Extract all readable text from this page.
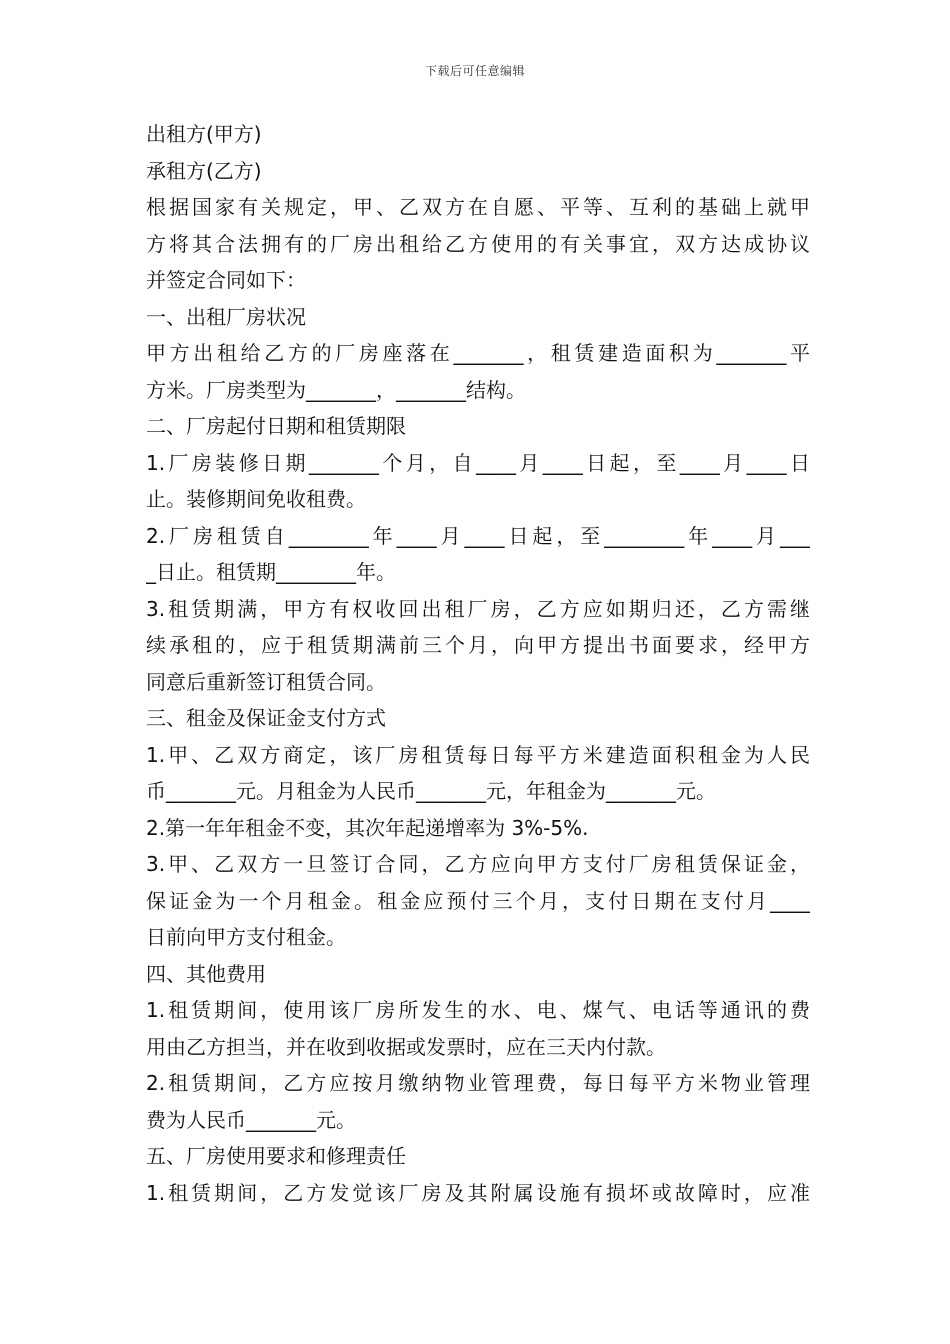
下载后可任意编辑
出租方(甲方)
承租方(乙方)
根据国家有关规定，甲、乙双方在自愿、平等、互利的基础上就甲
方将其合法拥有的厂房出租给乙方使用的有关事宜，双方达成协议
并签定合同如下：
一、出租厂房状况
甲方出租给乙方的厂房座落在_______，租赁建造面积为_______平
方米。厂房类型为_______，_______结构。
二、厂房起付日期和租赁期限
1.厂房装修日期_______个月，自____月____日起，至____月____日
止。装修期间免收租费。
2.厂房租赁自________年____月____日起，至________年____月___
_日止。租赁期________年。
3.租赁期满，甲方有权收回出租厂房，乙方应如期归还，乙方需继
续承租的，应于租赁期满前三个月，向甲方提出书面要求，经甲方
同意后重新签订租赁合同。
三、租金及保证金支付方式
1.甲、乙双方商定，该厂房租赁每日每平方米建造面积租金为人民
币_______元。月租金为人民币_______元，年租金为_______元。
2.第一年年租金不变，其次年起递增率为 3%-5%.
3.甲、乙双方一旦签订合同，乙方应向甲方支付厂房租赁保证金，
保证金为一个月租金。租金应预付三个月，支付日期在支付月____
日前向甲方支付租金。
四、其他费用
1.租赁期间，使用该厂房所发生的水、电、煤气、电话等通讯的费
用由乙方担当，并在收到收据或发票时，应在三天内付款。
2.租赁期间，乙方应按月缴纳物业管理费，每日每平方米物业管理
费为人民币_______元。
五、厂房使用要求和修理责任
1.租赁期间，乙方发觉该厂房及其附属设施有损坏或故障时，应准
